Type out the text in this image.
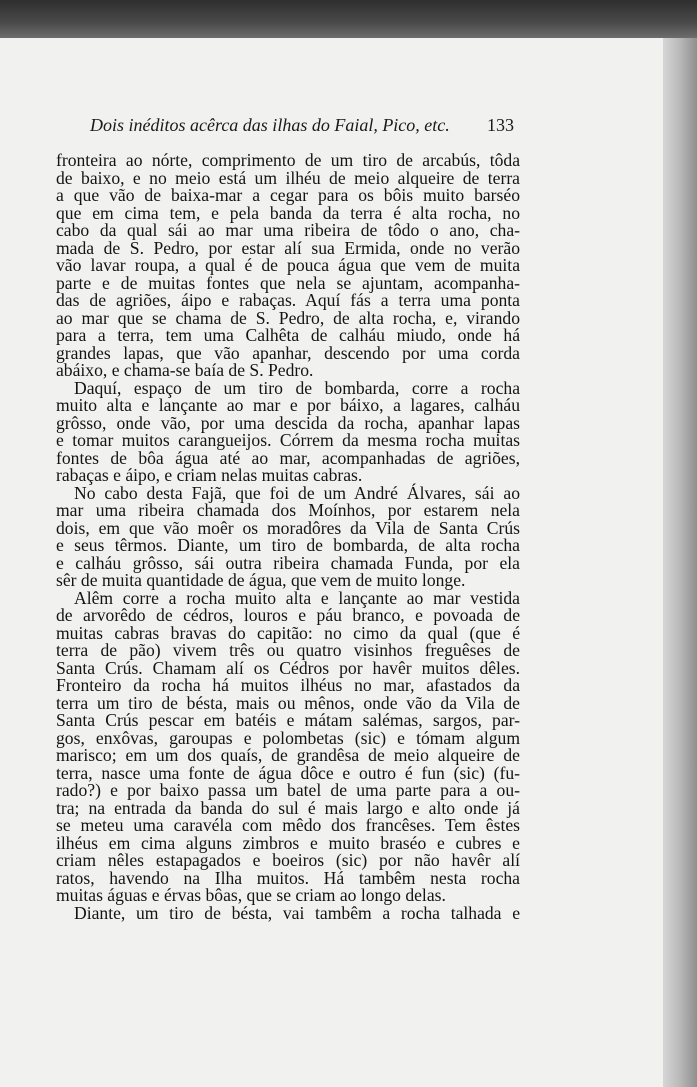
Dois inéditos acêrca das ilhas do Faial, Pico, etc. 133
fronteira ao nórte, comprimento de um tiro de arcabús, tôda
de baixo, e no meio está um ilhéu de meio alqueire de terra
a que vão de baixa-mar a cegar para os bôis muito barséo
que em cima tem, e pela banda da terra é alta rocha, no
cabo da qual sái ao mar uma ribeira de tôdo o ano, cha-
mada de S. Pedro, por estar alí sua Ermida, onde no verão
vão lavar roupa, a qual é de pouca água que vem de muita
parte e de muitas fontes que nela se ajuntam, acompanha-
das de agriões, áipo e rabaças. Aquí fás a terra uma ponta
ao mar que se chama de S. Pedro, de alta rocha, e, virando
para a terra, tem uma Calhêta de calháu miudo, onde há
grandes lapas, que vão apanhar, descendo por uma corda
abáixo, e chama-se baía de S. Pedro.
Daquí, espaço de um tiro de bombarda, corre a rocha
muito alta e lançante ao mar e por báixo, a lagares, calháu
grôsso, onde vão, por uma descida da rocha, apanhar lapas
e tomar muitos carangueijos. Córrem da mesma rocha muitas
fontes de bôa água até ao mar, acompanhadas de agriões,
rabaças e áipo, e criam nelas muitas cabras.
No cabo desta Fajã, que foi de um André Álvares, sái ao
mar uma ribeira chamada dos Moínhos, por estarem nela
dois, em que vão moêr os moradôres da Vila de Santa Crús
e seus têrmos. Diante, um tiro de bombarda, de alta rocha
e calháu grôsso, sái outra ribeira chamada Funda, por ela
sêr de muita quantidade de água, que vem de muito longe.
Alêm corre a rocha muito alta e lançante ao mar vestida
de arvorêdo de cédros, louros e páu branco, e povoada de
muitas cabras bravas do capitão: no cimo da qual (que é
terra de pão) vivem três ou quatro visinhos freguêses de
Santa Crús. Chamam alí os Cédros por havêr muitos dêles.
Fronteiro da rocha há muitos ilhéus no mar, afastados da
terra um tiro de bésta, mais ou mênos, onde vão da Vila de
Santa Crús pescar em batéis e mátam salémas, sargos, par-
gos, enxôvas, garoupas e polombetas (sic) e tómam algum
marisco; em um dos quaís, de grandêsa de meio alqueire de
terra, nasce uma fonte de água dôce e outro é fun (sic) (fu-
rado?) e por baixo passa um batel de uma parte para a ou-
tra; na entrada da banda do sul é mais largo e alto onde já
se meteu uma caravéla com mêdo dos francêses. Tem êstes
ilhéus em cima alguns zimbros e muito braséo e cubres e
criam nêles estapagados e boeiros (sic) por não havêr alí
ratos, havendo na Ilha muitos. Há tambêm nesta rocha
muitas águas e érvas bôas, que se criam ao longo delas.
Diante, um tiro de bésta, vai tambêm a rocha talhada e
